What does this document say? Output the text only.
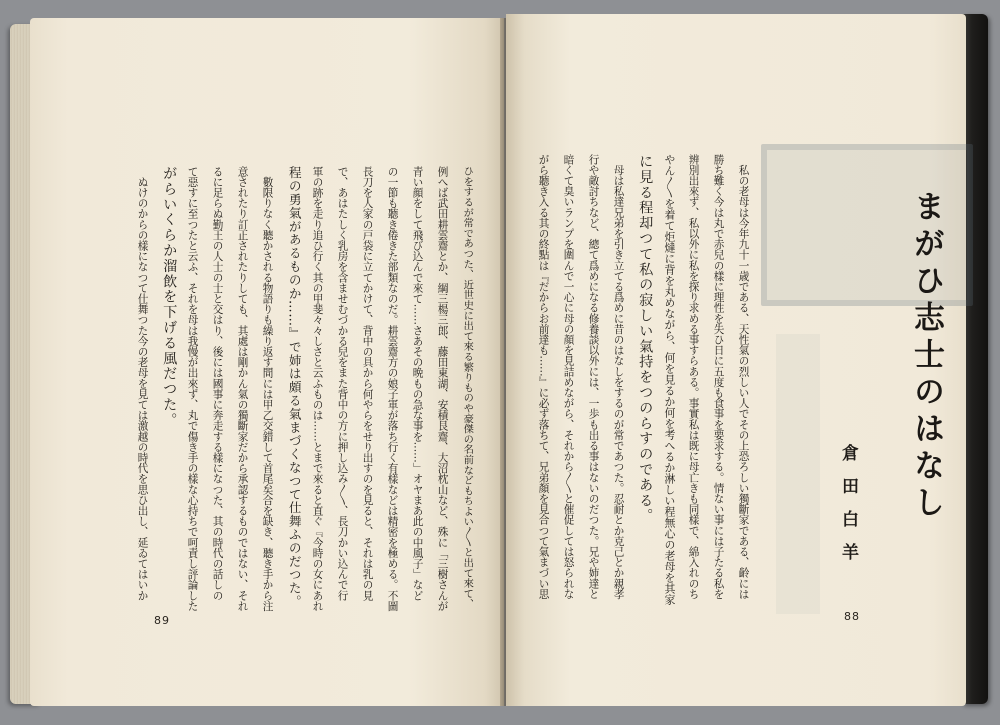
ひをするが常であつた、近世史に出て來る繁りものや豪傑の名前などもちよい〳〵と出て來て、
例へば武田耕雲齋とか、綱三楊三郎、藤田東湖、安積艮齋、大沼枕山など、殊に「三樹さんが
青い顔をして飛び込んで來て……さあその晩もの急な事を……」オヤまあ此の中風子」など
の一節も聽き倦きた部類なのだ。耕雲齋方の娘子軍が落ち行く有樣などは精密を極める。不圖
長刀を人家の戸袋に立てかけて、背中の具から何やらをせり出すのを見ると、それは乳の見
で、あはたしく乳房を含ませむづかる兒をまた背中の方に押し込み〳〵、長刀かい込んで行
軍の跡を走り追ひ行く其の甲斐々々しさと云ふものは……とまで來ると直ぐ『今時の女にあれ
程の勇氣があるものか……』で姉は頗る氣まづくなつて仕舞ふのだつた。
　數限りなく聽かされる物語りも繰り返す間には甲乙交錯して首尾矣合を缺き、聽き手から注
意されたり訂正されたりしても、其處は剛かん氣の獨斷家だから承認するものではない、それ
るに足らぬ勤王の人士の士と交はり、後には國事に奔走する樣になつた、其の時代の話しの
て惡すに至つたと云ふ、それを母は我慢が出來ず、丸で傷き手の樣な心持ちで呵責し評論した
がらいくらか溜飲を下げる風だつた。
　ぬけのからの樣になつて仕舞つた今の老母を見ては激越の時代を思ひ出し、延ゐてはいか
89
まがひ志士のはなし
倉田白羊
　私の老母は今年九十一歳である、天性氣の烈しい人でその上恐ろしい獨斷家である、齡には
勝ち難く今は丸で赤兒の樣に理性を失ひ日に五度も食事を要求する。情ない事には子たる私を
辨別出來ず、私以外に私を探り求める事すらある。事實私は既に母亡きも同樣で、綿入れのち
やん〳〵を着て炬燵に背を丸めながら、何を見るか何を考へるか淋しい程無心の老母を其家
に見る程却つて私の寂しい氣持をつのらすのである。
　母は私達兄弟を引き立てる爲めに昔のはなしをするのが常であつた。忍耐とか克己とか親孝
行や敵討ちなど、總て爲めになる修養談以外には、一歩も出る事はないのだつた。兄や姉達と
暗くて臭いランプを圍んで一心に母の顏を見詰めながら、それから〳〵と催促しては怒られな
がら聽き入る其の終點は『だからお前達も……』に必ず落ちて、兄弟顏を見合つて氣まづい思
88
